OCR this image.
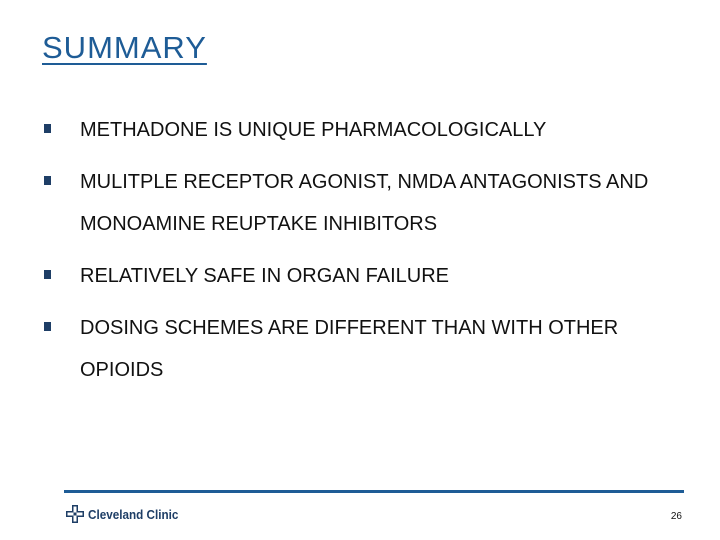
SUMMARY
METHADONE IS UNIQUE PHARMACOLOGICALLY
MULITPLE RECEPTOR AGONIST, NMDA ANTAGONISTS AND MONOAMINE REUPTAKE INHIBITORS
RELATIVELY SAFE IN ORGAN FAILURE
DOSING SCHEMES ARE DIFFERENT THAN WITH OTHER OPIOIDS
Cleveland Clinic	26
